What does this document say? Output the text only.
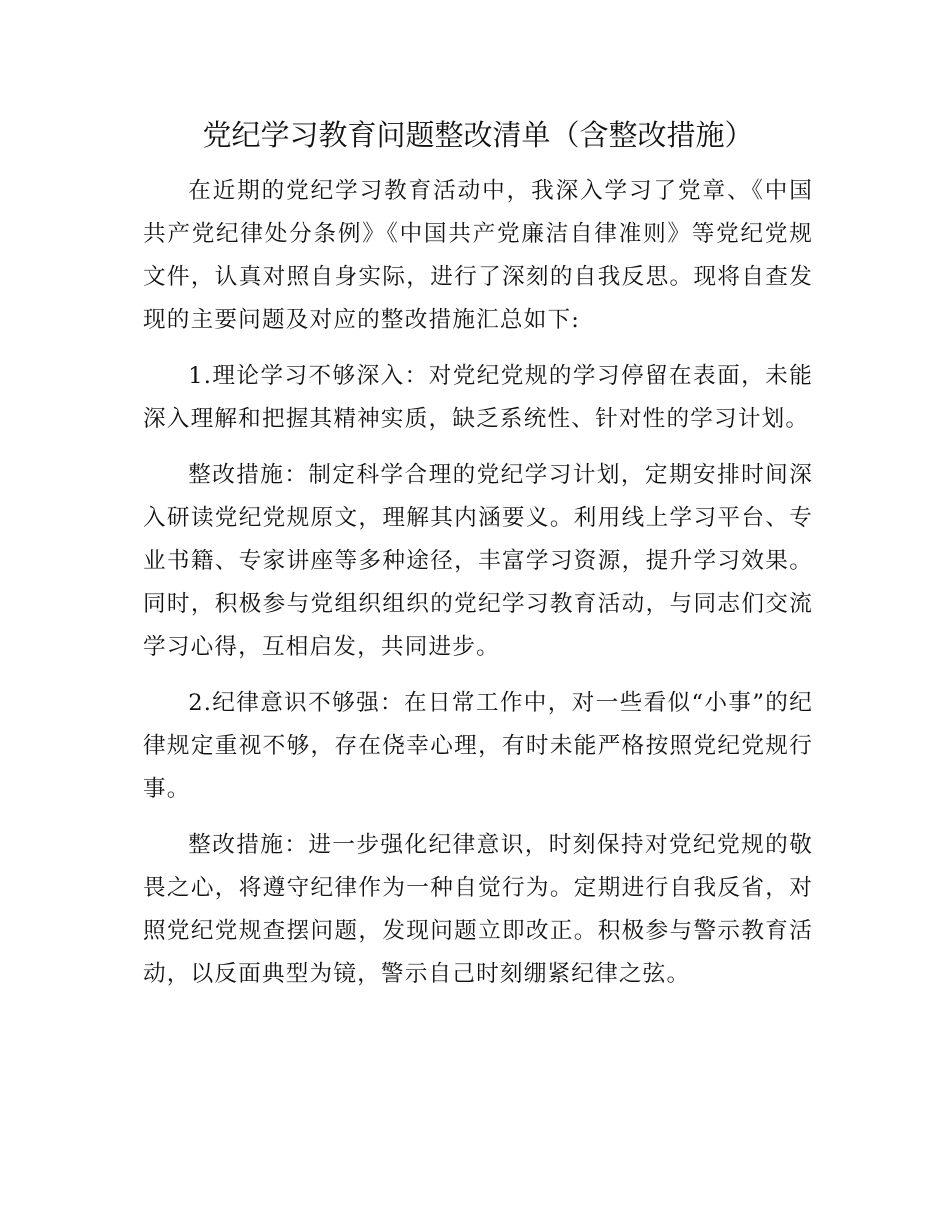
党纪学习教育问题整改清单（含整改措施）

在近期的党纪学习教育活动中，我深入学习了党章、《中国共产党纪律处分条例》《中国共产党廉洁自律准则》等党纪党规文件，认真对照自身实际，进行了深刻的自我反思。现将自查发现的主要问题及对应的整改措施汇总如下:

1.理论学习不够深入：对党纪党规的学习停留在表面，未能深入理解和把握其精神实质，缺乏系统性、针对性的学习计划。

整改措施：制定科学合理的党纪学习计划，定期安排时间深入研读党纪党规原文，理解其内涵要义。利用线上学习平台、专业书籍、专家讲座等多种途径，丰富学习资源，提升学习效果。同时，积极参与党组织组织的党纪学习教育活动，与同志们交流学习心得，互相启发，共同进步。

2.纪律意识不够强：在日常工作中，对一些看似“小事”的纪律规定重视不够，存在侥幸心理，有时未能严格按照党纪党规行事。

整改措施：进一步强化纪律意识，时刻保持对党纪党规的敬畏之心，将遵守纪律作为一种自觉行为。定期进行自我反省，对照党纪党规查摆问题，发现问题立即改正。积极参与警示教育活动，以反面典型为镜，警示自己时刻绷紧纪律之弦。
